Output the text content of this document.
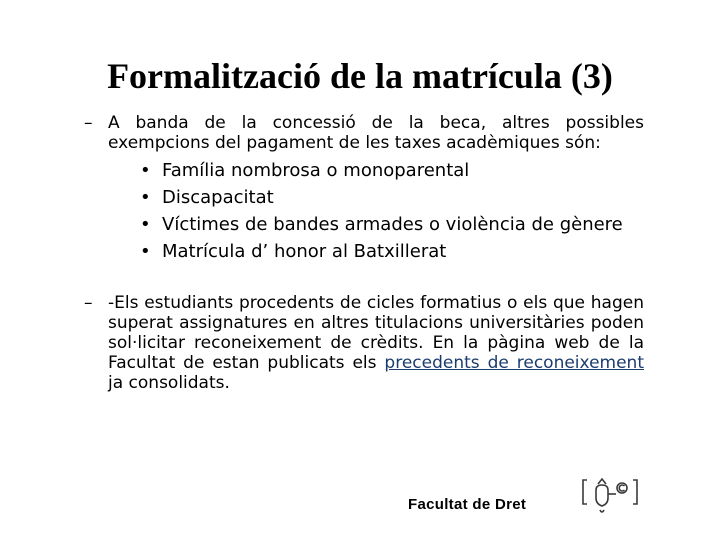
Formalització de la matrícula (3)
– A banda de la concessió de la beca, altres possibles exempcions del pagament de les taxes acadèmiques són:
• Família nombrosa o monoparental
• Discapacitat
• Víctimes de bandes armades o violència de gènere
• Matrícula d’ honor al Batxillerat
– -Els estudiants procedents de cicles formatius o els que hagen superat assignatures en altres titulacions universitàries poden sol·licitar reconeixement de crèdits. En la pàgina web de la Facultat de estan publicats els precedents de reconeixement ja consolidats.
Facultat de Dret
